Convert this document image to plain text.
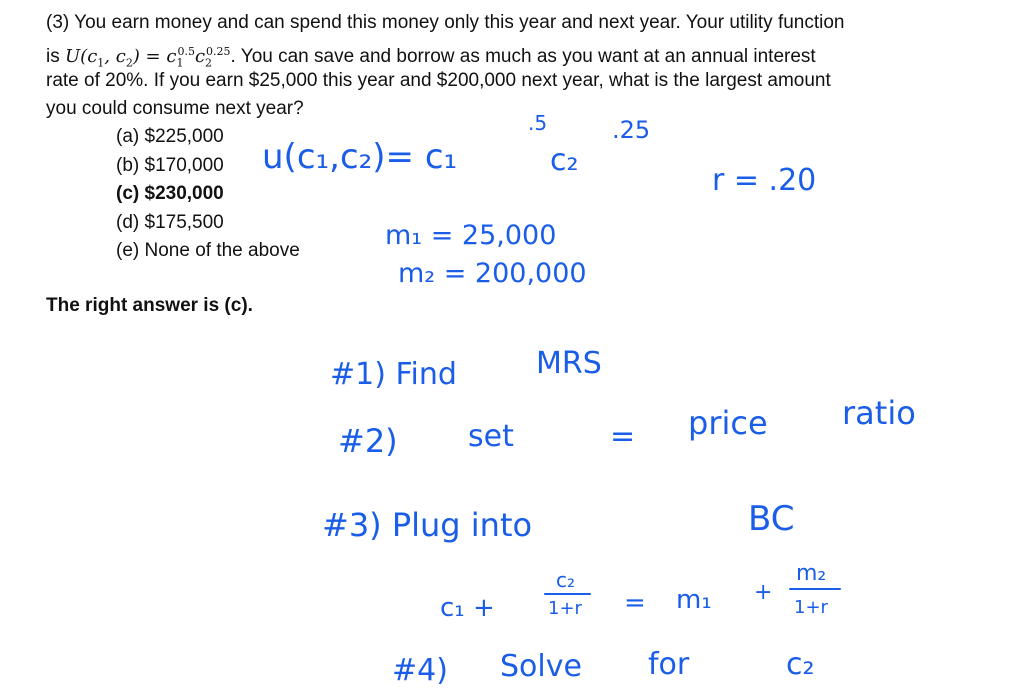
(3) You earn money and can spend this money only this year and next year. Your utility function
is $U(c_1$, $c_2) = c_1^{0.5}c_2^{0.25}$. You can save and borrow as much as you want at an annual interest
rate of 20%. If you earn $25,000 this year and $200,000 next year, what is the largest amount
you could consume next year?
(a) $225,000
(b) $170,000
(c) $230,000
(d) $175,500
(e) None of the above
The right answer is (c).
u(c₁,c₂)= c₁
.5
c₂
.25
r = .20
m₁ = 25,000
m₂ = 200,000
#1) Find	MRS
#2) set	= price ratio
#3) Plug into	BC
c₁ +
c₂
1+r = m₁ +
m₂
1+r
#4) Solve for	c₂
